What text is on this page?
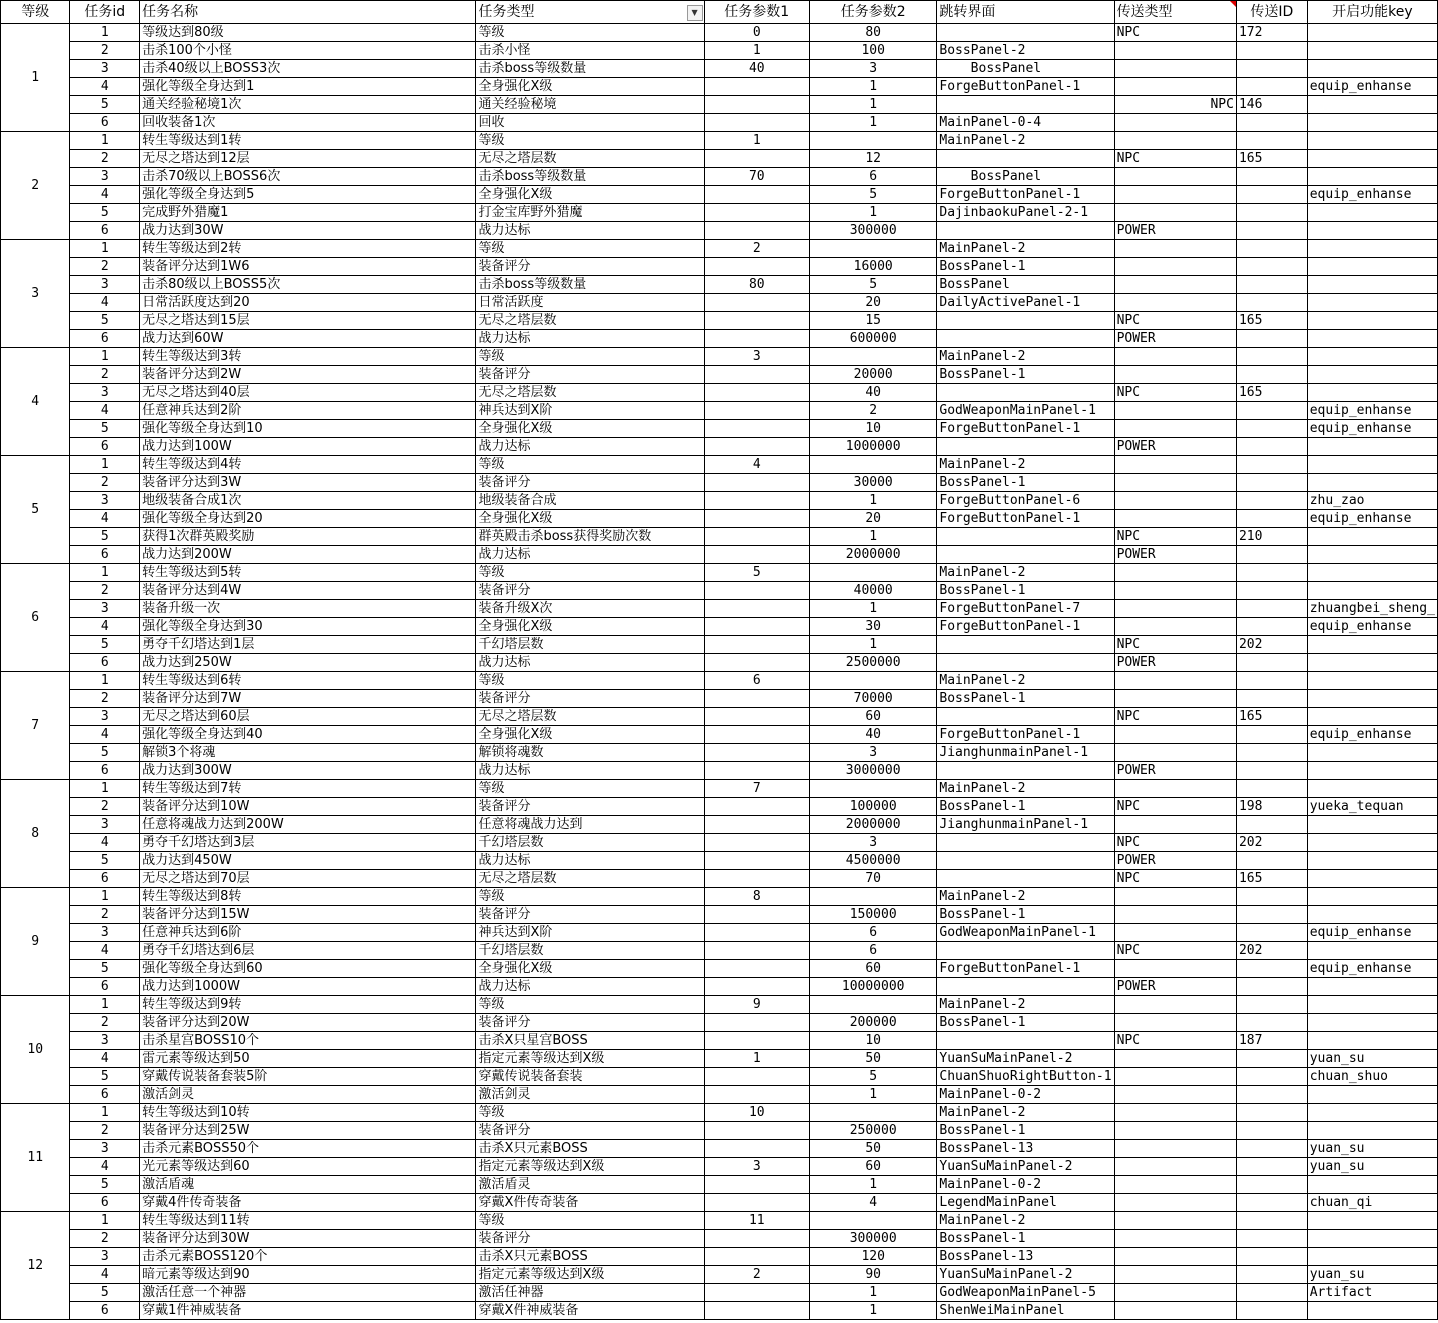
等级	任务id	任务名称	任务类型 ▼	任务参数1	任务参数2	跳转界面	传送类型	传送ID	开启功能key
1	1	等级达到80级	等级	0	80		NPC	172	
	2	击杀100个小怪	击杀小怪	1	100	BossPanel-2			
	3	击杀40级以上BOSS3次	击杀boss等级数量	40	3	BossPanel			
	4	强化等级全身达到1	全身强化X级		1	ForgeButtonPanel-1			equip_enhanse
	5	通关经验秘境1次	通关经验秘境		1		NPC	146	
	6	回收装备1次	回收		1	MainPanel-0-4			
2	1	转生等级达到1转	等级	1		MainPanel-2			
	2	无尽之塔达到12层	无尽之塔层数		12		NPC	165	
	3	击杀70级以上BOSS6次	击杀boss等级数量	70	6	BossPanel			
	4	强化等级全身达到5	全身强化X级		5	ForgeButtonPanel-1			equip_enhanse
	5	完成野外猎魔1	打金宝库野外猎魔		1	DajinbaokuPanel-2-1			
	6	战力达到30W	战力达标		300000		POWER		
3	1	转生等级达到2转	等级	2		MainPanel-2			
	2	装备评分达到1W6	装备评分		16000	BossPanel-1			
	3	击杀80级以上BOSS5次	击杀boss等级数量	80	5	BossPanel			
	4	日常活跃度达到20	日常活跃度		20	DailyActivePanel-1			
	5	无尽之塔达到15层	无尽之塔层数		15		NPC	165	
	6	战力达到60W	战力达标		600000		POWER		
4	1	转生等级达到3转	等级	3		MainPanel-2			
	2	装备评分达到2W	装备评分		20000	BossPanel-1			
	3	无尽之塔达到40层	无尽之塔层数		40		NPC	165	
	4	任意神兵达到2阶	神兵达到X阶		2	GodWeaponMainPanel-1			equip_enhanse
	5	强化等级全身达到10	全身强化X级		10	ForgeButtonPanel-1			equip_enhanse
	6	战力达到100W	战力达标		1000000		POWER		
5	1	转生等级达到4转	等级	4		MainPanel-2			
	2	装备评分达到3W	装备评分		30000	BossPanel-1			
	3	地级装备合成1次	地级装备合成		1	ForgeButtonPanel-6			zhu_zao
	4	强化等级全身达到20	全身强化X级		20	ForgeButtonPanel-1			equip_enhanse
	5	获得1次群英殿奖励	群英殿击杀boss获得奖励次数		1		NPC	210	
	6	战力达到200W	战力达标		2000000		POWER		
6	1	转生等级达到5转	等级	5		MainPanel-2			
	2	装备评分达到4W	装备评分		40000	BossPanel-1			
	3	装备升级一次	装备升级X次		1	ForgeButtonPanel-7			zhuangbei_sheng_
	4	强化等级全身达到30	全身强化X级		30	ForgeButtonPanel-1			equip_enhanse
	5	勇夺千幻塔达到1层	千幻塔层数		1		NPC	202	
	6	战力达到250W	战力达标		2500000		POWER		
7	1	转生等级达到6转	等级	6		MainPanel-2			
	2	装备评分达到7W	装备评分		70000	BossPanel-1			
	3	无尽之塔达到60层	无尽之塔层数		60		NPC	165	
	4	强化等级全身达到40	全身强化X级		40	ForgeButtonPanel-1			equip_enhanse
	5	解锁3个将魂	解锁将魂数		3	JianghunmainPanel-1			
	6	战力达到300W	战力达标		3000000		POWER		
8	1	转生等级达到7转	等级	7		MainPanel-2			
	2	装备评分达到10W	装备评分		100000	BossPanel-1	NPC	198	yueka_tequan
	3	任意将魂战力达到200W	任意将魂战力达到		2000000	JianghunmainPanel-1			
	4	勇夺千幻塔达到3层	千幻塔层数		3		NPC	202	
	5	战力达到450W	战力达标		4500000		POWER		
	6	无尽之塔达到70层	无尽之塔层数		70		NPC	165	
9	1	转生等级达到8转	等级	8		MainPanel-2			
	2	装备评分达到15W	装备评分		150000	BossPanel-1			
	3	任意神兵达到6阶	神兵达到X阶		6	GodWeaponMainPanel-1			equip_enhanse
	4	勇夺千幻塔达到6层	千幻塔层数		6		NPC	202	
	5	强化等级全身达到60	全身强化X级		60	ForgeButtonPanel-1			equip_enhanse
	6	战力达到1000W	战力达标		10000000		POWER		
10	1	转生等级达到9转	等级	9		MainPanel-2			
	2	装备评分达到20W	装备评分		200000	BossPanel-1			
	3	击杀星宫BOSS10个	击杀X只星宫BOSS		10		NPC	187	
	4	雷元素等级达到50	指定元素等级达到X级	1	50	YuanSuMainPanel-2			yuan_su
	5	穿戴传说装备套装5阶	穿戴传说装备套装		5	ChuanShuoRightButton-1			chuan_shuo
	6	激活剑灵	激活剑灵		1	MainPanel-0-2			
11	1	转生等级达到10转	等级	10		MainPanel-2			
	2	装备评分达到25W	装备评分		250000	BossPanel-1			
	3	击杀元素BOSS50个	击杀X只元素BOSS		50	BossPanel-13			yuan_su
	4	光元素等级达到60	指定元素等级达到X级	3	60	YuanSuMainPanel-2			yuan_su
	5	激活盾魂	激活盾灵		1	MainPanel-0-2			
	6	穿戴4件传奇装备	穿戴X件传奇装备		4	LegendMainPanel			chuan_qi
12	1	转生等级达到11转	等级	11		MainPanel-2			
	2	装备评分达到30W	装备评分		300000	BossPanel-1			
	3	击杀元素BOSS120个	击杀X只元素BOSS		120	BossPanel-13			
	4	暗元素等级达到90	指定元素等级达到X级	2	90	YuanSuMainPanel-2			yuan_su
	5	激活任意一个神器	激活任神器		1	GodWeaponMainPanel-5			Artifact
	6	穿戴1件神威装备	穿戴X件神威装备		1	ShenWeiMainPanel			
